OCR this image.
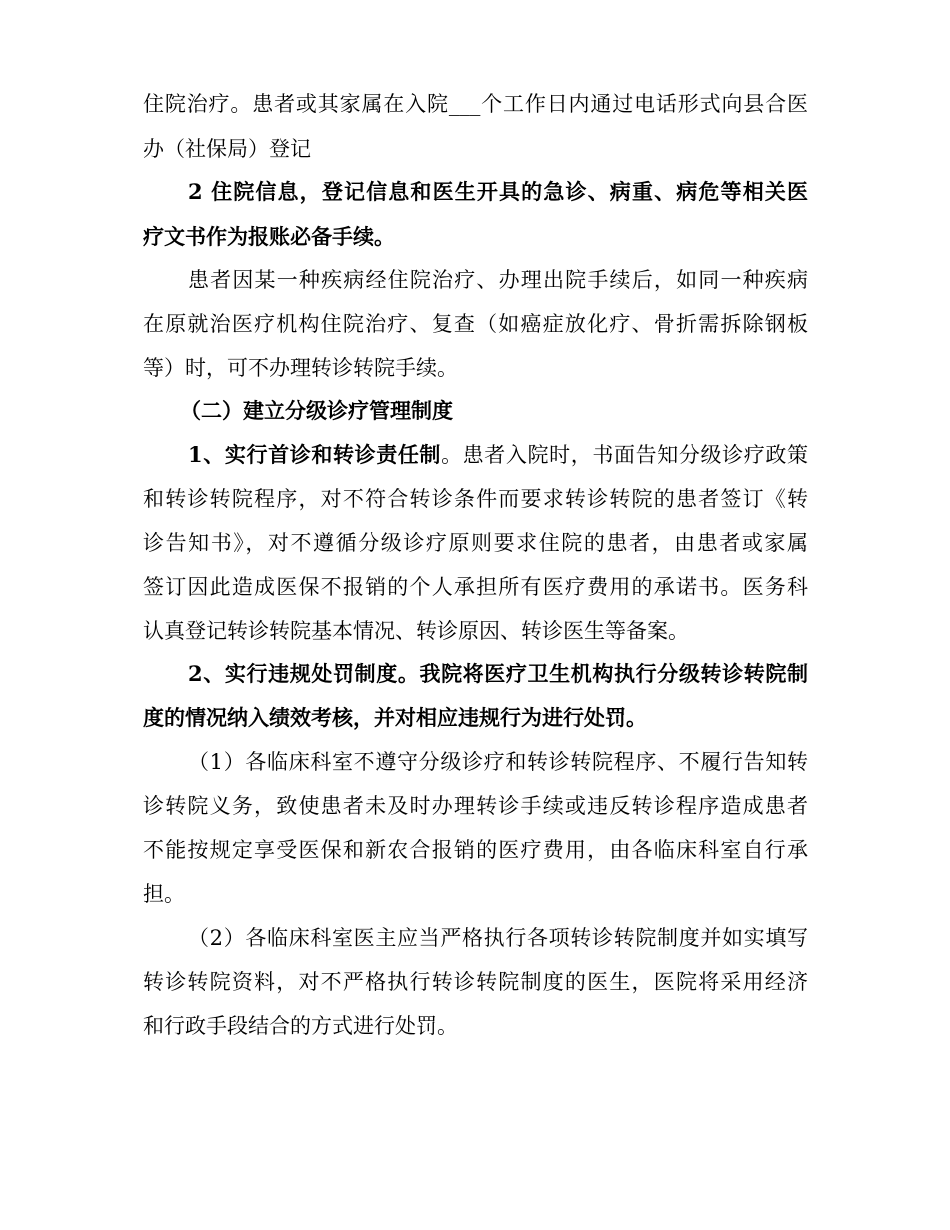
住院治疗。患者或其家属在入院___个工作日内通过电话形式向县合医
办（社保局）登记
2 住院信息，登记信息和医生开具的急诊、病重、病危等相关医
疗文书作为报账必备手续。
患者因某一种疾病经住院治疗、办理出院手续后，如同一种疾病
在原就治医疗机构住院治疗、复查（如癌症放化疗、骨折需拆除钢板
等）时，可不办理转诊转院手续。
（二）建立分级诊疗管理制度
1、实行首诊和转诊责任制。患者入院时，书面告知分级诊疗政策
和转诊转院程序，对不符合转诊条件而要求转诊转院的患者签订《转
诊告知书》，对不遵循分级诊疗原则要求住院的患者，由患者或家属
签订因此造成医保不报销的个人承担所有医疗费用的承诺书。医务科
认真登记转诊转院基本情况、转诊原因、转诊医生等备案。
2、实行违规处罚制度。我院将医疗卫生机构执行分级转诊转院制
度的情况纳入绩效考核，并对相应违规行为进行处罚。
（1）各临床科室不遵守分级诊疗和转诊转院程序、不履行告知转
诊转院义务，致使患者未及时办理转诊手续或违反转诊程序造成患者
不能按规定享受医保和新农合报销的医疗费用，由各临床科室自行承
担。
（2）各临床科室医主应当严格执行各项转诊转院制度并如实填写
转诊转院资料，对不严格执行转诊转院制度的医生，医院将采用经济
和行政手段结合的方式进行处罚。
